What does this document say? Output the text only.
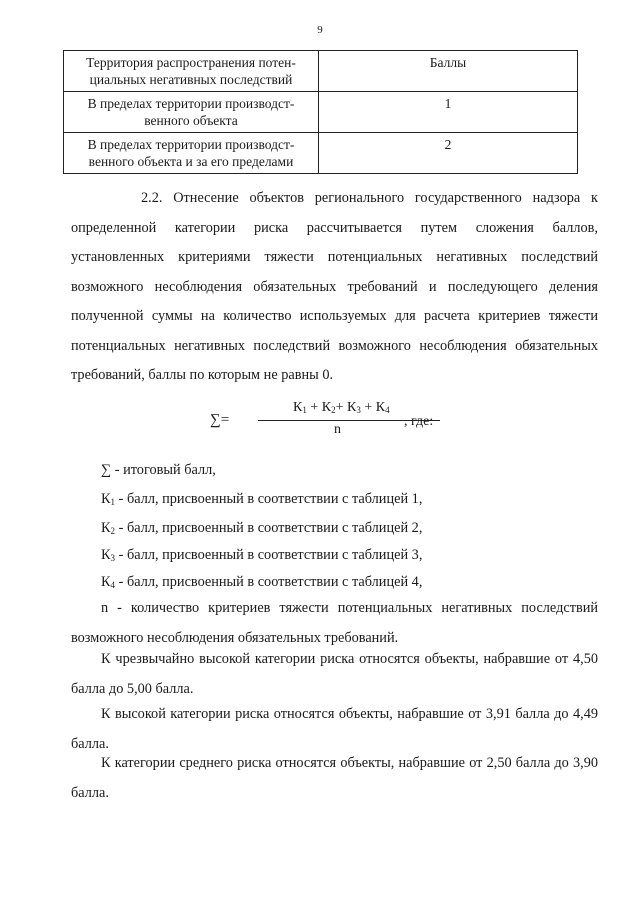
9
Территория распространения потен-циальных негативных последствий	Баллы
В пределах территории производст-венного объекта	1
В пределах территории производст-венного объекта и за его пределами	2

2.2. Отнесение объектов регионального государственного надзора к определенной категории риска рассчитывается путем сложения баллов, установленных критериями тяжести потенциальных негативных последствий возможного несоблюдения обязательных требований и последующего деления полученной суммы на количество используемых для расчета критериев тяжести потенциальных негативных последствий возможного несоблюдения обязательных требований, баллы по которым не равны 0.

∑=
$К_1 + К_2+ К_3 + К_4$
n
, где:

∑ - итоговый балл,

$К_1$ - балл, присвоенный в соответствии с таблицей 1,

$К_2$ - балл, присвоенный в соответствии с таблицей 2,

$К_3$ - балл, присвоенный в соответствии с таблицей 3,

$К_4$ - балл, присвоенный в соответствии с таблицей 4,

n - количество критериев тяжести потенциальных негативных последствий возможного несоблюдения обязательных требований.

К чрезвычайно высокой категории риска относятся объекты, набравшие от 4,50 балла до 5,00 балла.

К высокой категории риска относятся объекты, набравшие от 3,91 балла до 4,49 балла.

К категории среднего риска относятся объекты, набравшие от 2,50 балла до 3,90 балла.
